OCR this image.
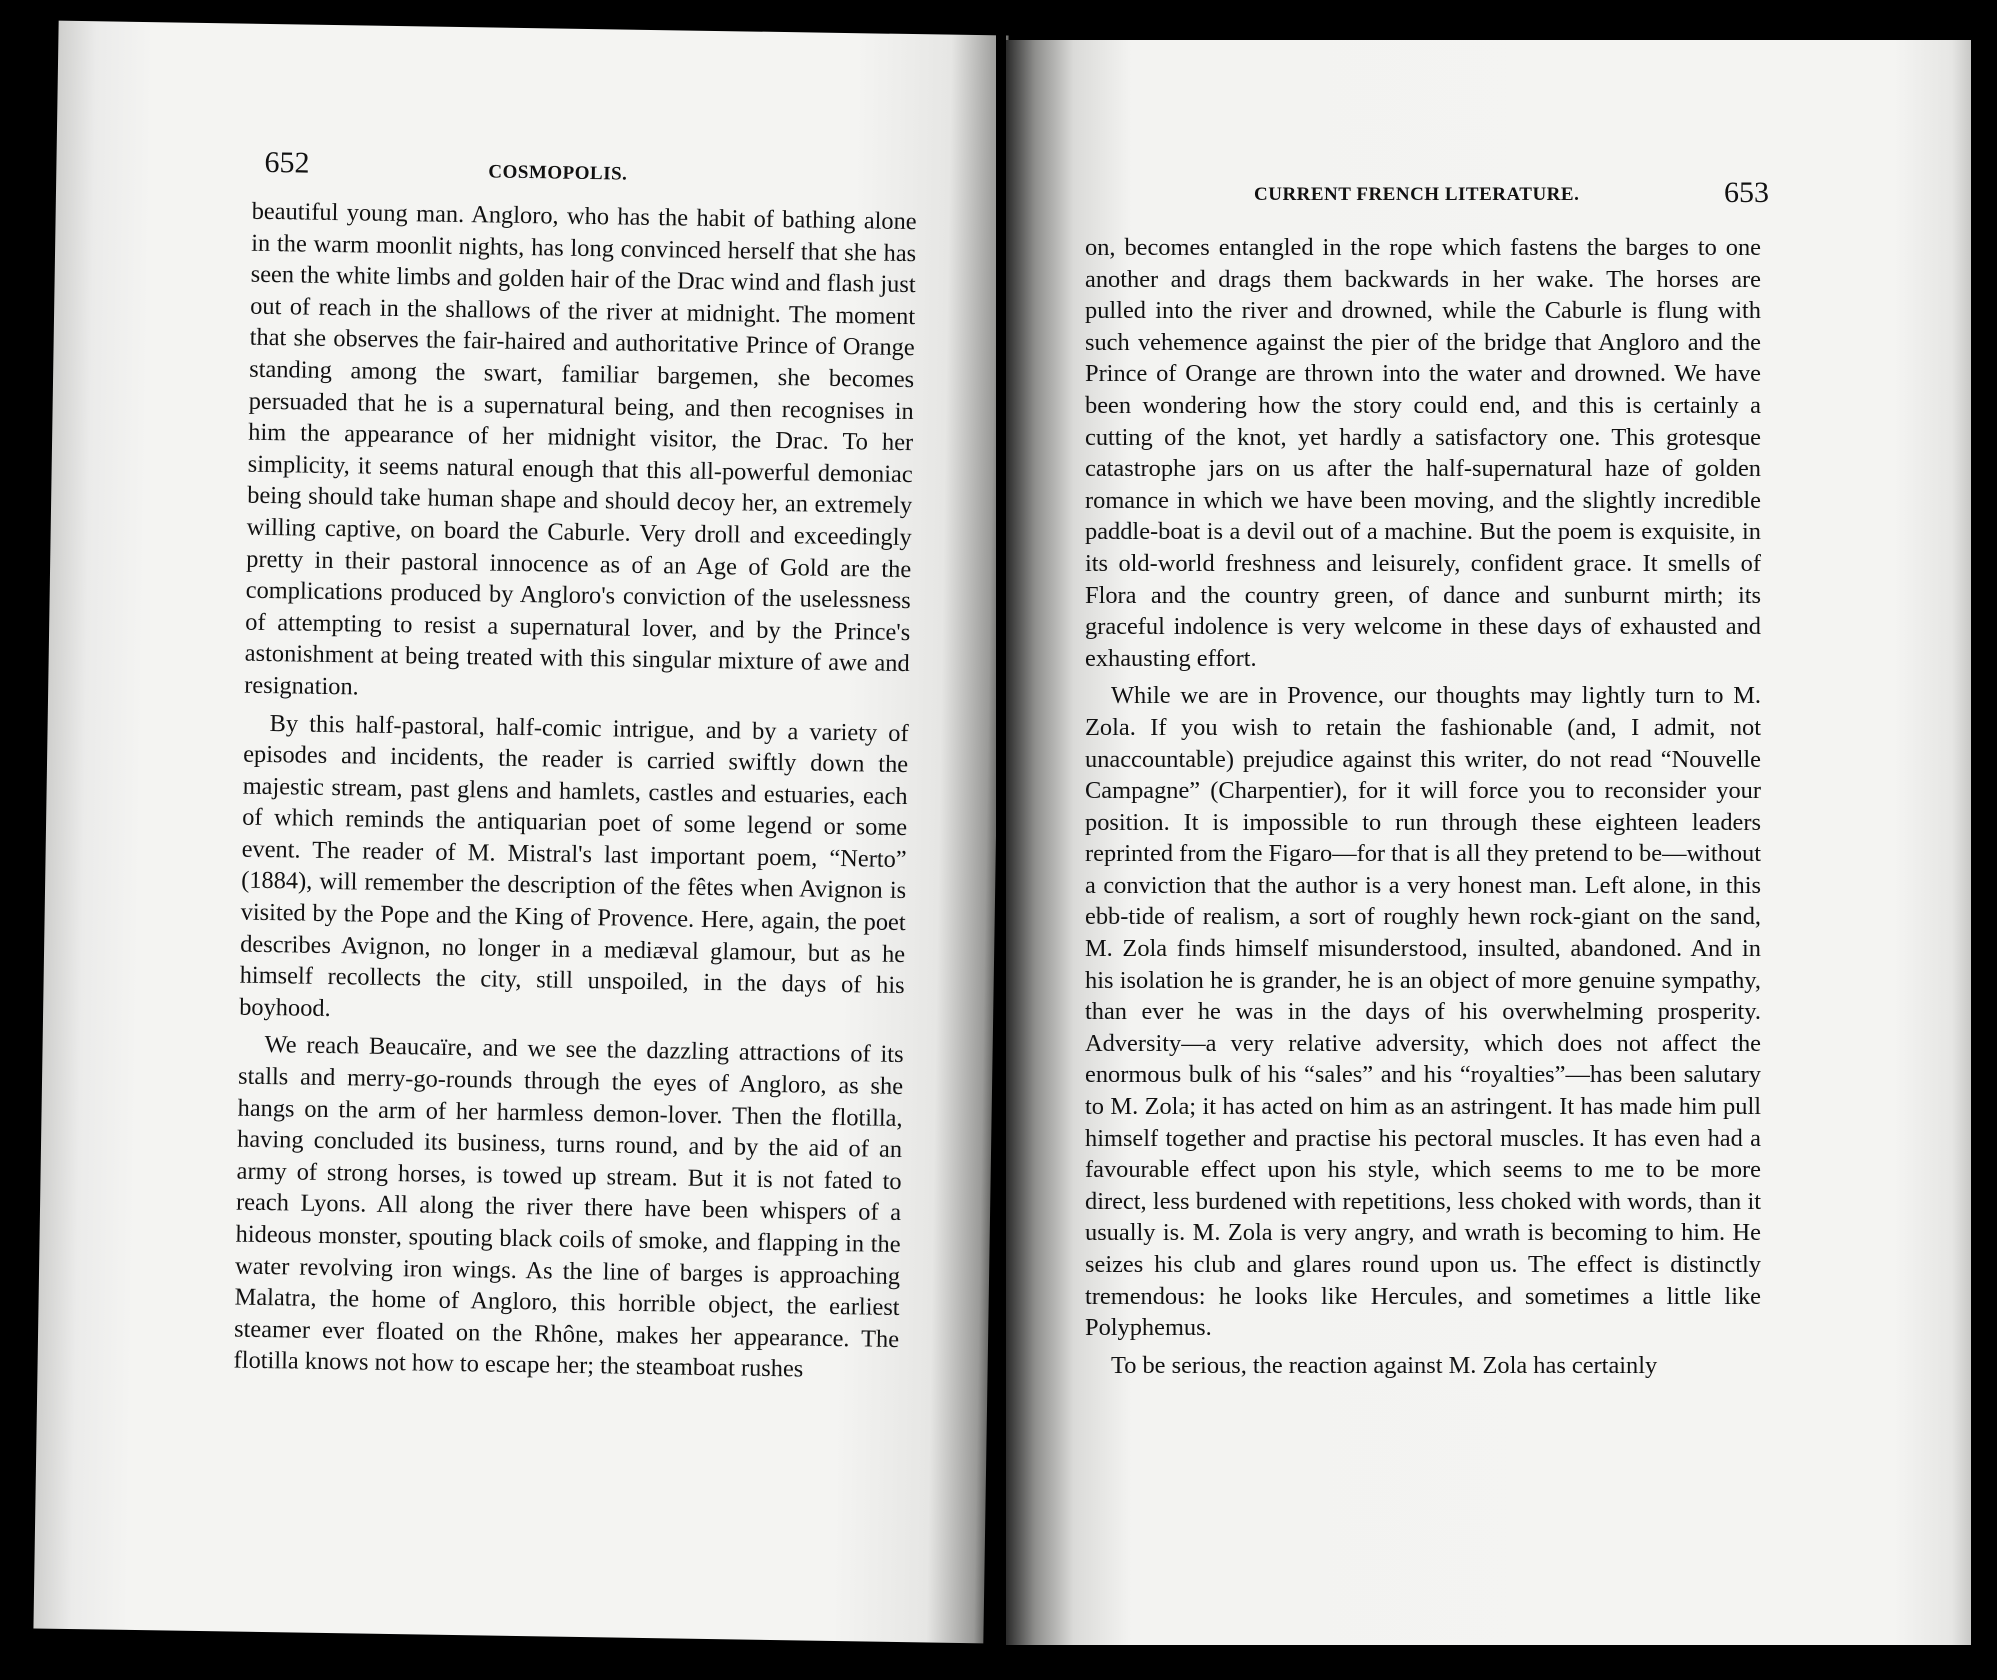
652	COSMOPOLIS.

beautiful young man. Angloro, who has the habit of bathing alone in the warm moonlit nights, has long convinced herself that she has seen the white limbs and golden hair of the Drac wind and flash just out of reach in the shallows of the river at midnight. The moment that she observes the fair-haired and authoritative Prince of Orange standing among the swart, familiar bargemen, she becomes persuaded that he is a supernatural being, and then recognises in him the appearance of her midnight visitor, the Drac. To her simplicity, it seems natural enough that this all-powerful demoniac being should take human shape and should decoy her, an extremely willing captive, on board the Caburle. Very droll and exceedingly pretty in their pastoral innocence as of an Age of Gold are the complications produced by Angloro's conviction of the uselessness of attempting to resist a supernatural lover, and by the Prince's astonishment at being treated with this singular mixture of awe and resignation.

By this half-pastoral, half-comic intrigue, and by a variety of episodes and incidents, the reader is carried swiftly down the majestic stream, past glens and hamlets, castles and estuaries, each of which reminds the antiquarian poet of some legend or some event. The reader of M. Mistral's last important poem, “Nerto” (1884), will remember the description of the fêtes when Avignon is visited by the Pope and the King of Provence. Here, again, the poet describes Avignon, no longer in a mediæval glamour, but as he himself recollects the city, still unspoiled, in the days of his boyhood.

We reach Beaucaïre, and we see the dazzling attractions of its stalls and merry-go-rounds through the eyes of Angloro, as she hangs on the arm of her harmless demon-lover. Then the flotilla, having concluded its business, turns round, and by the aid of an army of strong horses, is towed up stream. But it is not fated to reach Lyons. All along the river there have been whispers of a hideous monster, spouting black coils of smoke, and flapping in the water revolving iron wings. As the line of barges is approaching Malatra, the home of Angloro, this horrible object, the earliest steamer ever floated on the Rhône, makes her appearance. The flotilla knows not how to escape her; the steamboat rushes

CURRENT FRENCH LITERATURE.	653

on, becomes entangled in the rope which fastens the barges to one another and drags them backwards in her wake. The horses are pulled into the river and drowned, while the Caburle is flung with such vehemence against the pier of the bridge that Angloro and the Prince of Orange are thrown into the water and drowned. We have been wondering how the story could end, and this is certainly a cutting of the knot, yet hardly a satisfactory one. This grotesque catastrophe jars on us after the half-supernatural haze of golden romance in which we have been moving, and the slightly incredible paddle-boat is a devil out of a machine. But the poem is exquisite, in its old-world freshness and leisurely, confident grace. It smells of Flora and the country green, of dance and sunburnt mirth; its graceful indolence is very welcome in these days of exhausted and exhausting effort.

While we are in Provence, our thoughts may lightly turn to M. Zola. If you wish to retain the fashionable (and, I admit, not unaccountable) prejudice against this writer, do not read “Nouvelle Campagne” (Charpentier), for it will force you to reconsider your position. It is impossible to run through these eighteen leaders reprinted from the Figaro—for that is all they pretend to be—without a conviction that the author is a very honest man. Left alone, in this ebb-tide of realism, a sort of roughly hewn rock-giant on the sand, M. Zola finds himself misunderstood, insulted, abandoned. And in his isolation he is grander, he is an object of more genuine sympathy, than ever he was in the days of his overwhelming prosperity. Adversity—a very relative adversity, which does not affect the enormous bulk of his “sales” and his “royalties”—has been salutary to M. Zola; it has acted on him as an astringent. It has made him pull himself together and practise his pectoral muscles. It has even had a favourable effect upon his style, which seems to me to be more direct, less burdened with repetitions, less choked with words, than it usually is. M. Zola is very angry, and wrath is becoming to him. He seizes his club and glares round upon us. The effect is distinctly tremendous: he looks like Hercules, and sometimes a little like Polyphemus.

To be serious, the reaction against M. Zola has certainly
